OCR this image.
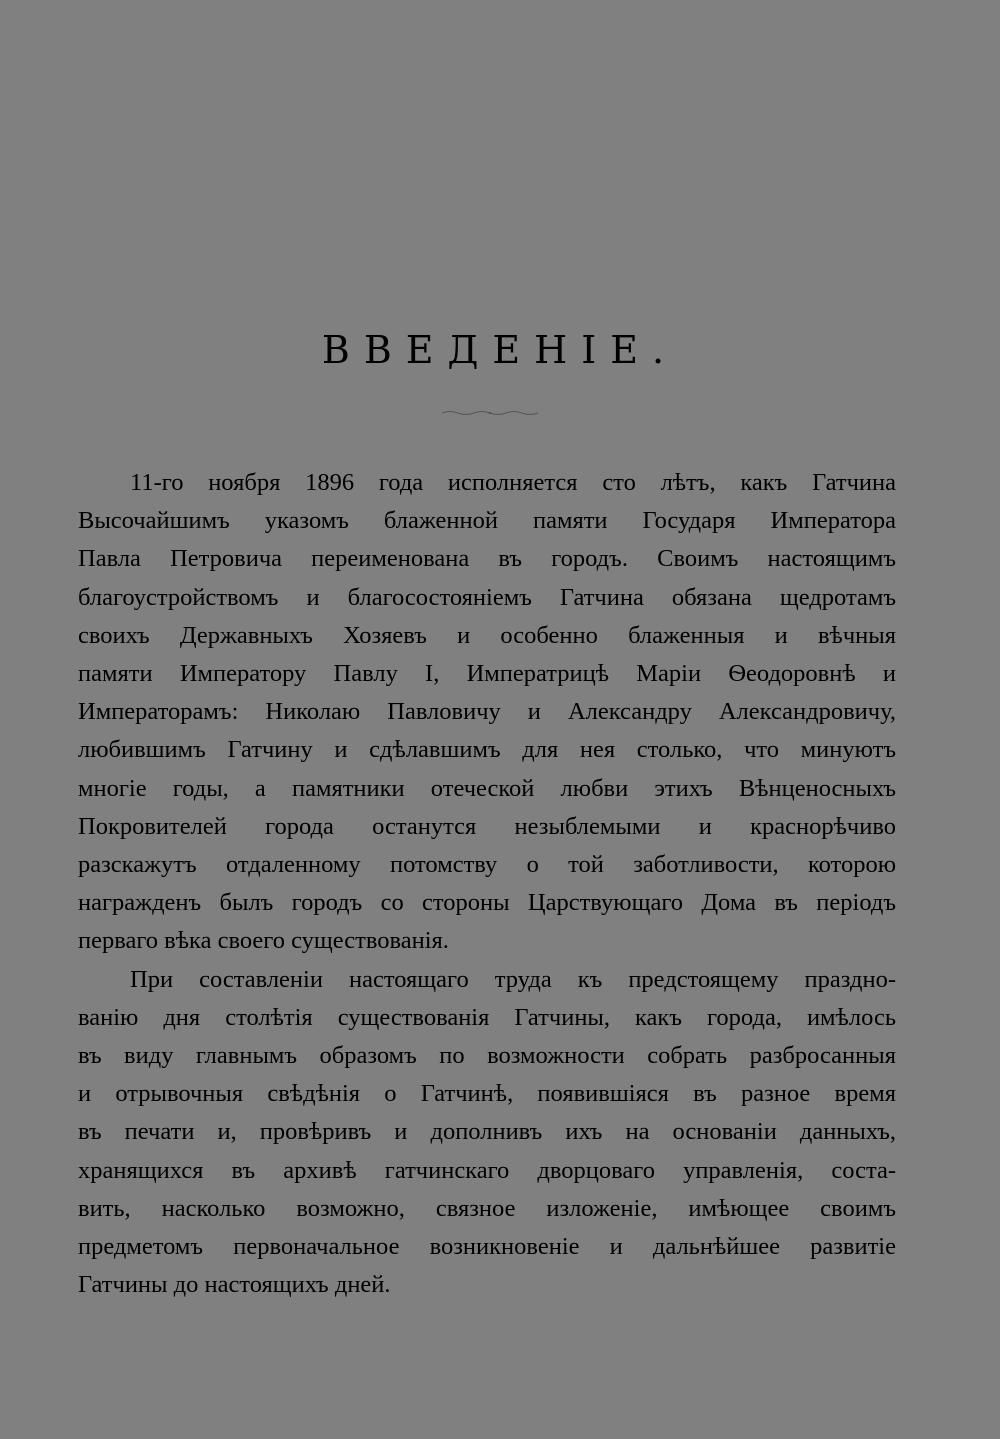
ВВЕДЕНІЕ.
11-го ноября 1896 года исполняется сто лѣтъ, какъ Гатчина
Высочайшимъ указомъ блаженной памяти Государя Императора
Павла Петровича переименована въ городъ. Своимъ настоящимъ
благоустройствомъ и благосостояніемъ Гатчина обязана щедротамъ
своихъ Державныхъ Хозяевъ и особенно блаженныя и вѣчныя
памяти Императору Павлу I, Императрицѣ Маріи Ѳеодоровнѣ и
Императорамъ: Николаю Павловичу и Александру Александровичу,
любившимъ Гатчину и сдѣлавшимъ для нея столько, что минуютъ
многіе годы, а памятники отеческой любви этихъ Вѣнценосныхъ
Покровителей города останутся незыблемыми и краснорѣчиво
разскажутъ отдаленному потомству о той заботливости, которою
награжденъ былъ городъ со стороны Царствующаго Дома въ періодъ
перваго вѣка своего существованія.
При составленіи настоящаго труда къ предстоящему праздно-
ванію дня столѣтія существованія Гатчины, какъ города, имѣлось
въ виду главнымъ образомъ по возможности собрать разбросанныя
и отрывочныя свѣдѣнія о Гатчинѣ, появившіяся въ разное время
въ печати и, провѣривъ и дополнивъ ихъ на основаніи данныхъ,
хранящихся въ архивѣ гатчинскаго дворцоваго управленія, соста-
вить, насколько возможно, связное изложеніе, имѣющее своимъ
предметомъ первоначальное возникновеніе и дальнѣйшее развитіе
Гатчины до настоящихъ дней.
